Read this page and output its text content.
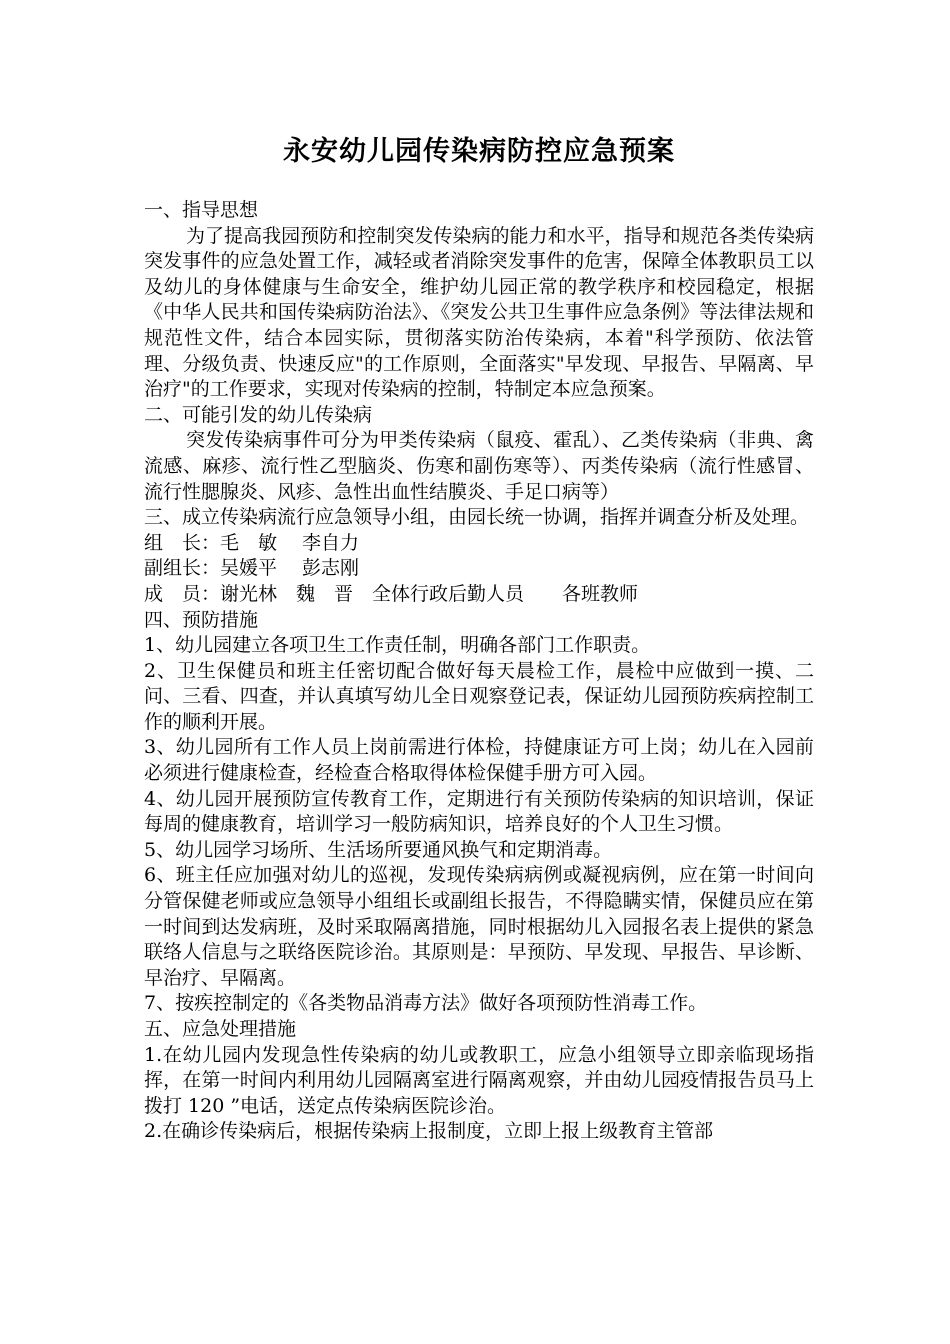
永安幼儿园传染病防控应急预案

一、指导思想

为了提高我园预防和控制突发传染病的能力和水平，指导和规范各类传染病突发事件的应急处置工作，减轻或者消除突发事件的危害，保障全体教职员工以及幼儿的身体健康与生命安全，维护幼儿园正常的教学秩序和校园稳定，根据《中华人民共和国传染病防治法》、《突发公共卫生事件应急条例》等法律法规和规范性文件，结合本园实际，贯彻落实防治传染病，本着"科学预防、依法管理、分级负责、快速反应"的工作原则，全面落实"早发现、早报告、早隔离、早治疗"的工作要求，实现对传染病的控制，特制定本应急预案。

二、可能引发的幼儿传染病

突发传染病事件可分为甲类传染病（鼠疫、霍乱）、乙类传染病（非典、禽流感、麻疹、流行性乙型脑炎、伤寒和副伤寒等）、丙类传染病（流行性感冒、流行性腮腺炎、风疹、急性出血性结膜炎、手足口病等）

三、成立传染病流行应急领导小组，由园长统一协调，指挥并调查分析及处理。

组　长：毛　敏　 李自力

副组长：吴媛平　 彭志刚

成　员：谢光林　魏　晋　全体行政后勤人员　　各班教师

四、预防措施

1、幼儿园建立各项卫生工作责任制，明确各部门工作职责。

2、卫生保健员和班主任密切配合做好每天晨检工作，晨检中应做到一摸、二问、三看、四查，并认真填写幼儿全日观察登记表，保证幼儿园预防疾病控制工作的顺利开展。

3、幼儿园所有工作人员上岗前需进行体检，持健康证方可上岗；幼儿在入园前必须进行健康检查，经检查合格取得体检保健手册方可入园。

4、幼儿园开展预防宣传教育工作，定期进行有关预防传染病的知识培训，保证每周的健康教育，培训学习一般防病知识，培养良好的个人卫生习惯。

5、幼儿园学习场所、生活场所要通风换气和定期消毒。

6、班主任应加强对幼儿的巡视，发现传染病病例或凝视病例，应在第一时间向分管保健老师或应急领导小组组长或副组长报告，不得隐瞒实情，保健员应在第一时间到达发病班，及时采取隔离措施，同时根据幼儿入园报名表上提供的紧急联络人信息与之联络医院诊治。其原则是：早预防、早发现、早报告、早诊断、早治疗、早隔离。

7、按疾控制定的《各类物品消毒方法》做好各项预防性消毒工作。

五、应急处理措施

1.在幼儿园内发现急性传染病的幼儿或教职工，应急小组领导立即亲临现场指挥，在第一时间内利用幼儿园隔离室进行隔离观察，并由幼儿园疫情报告员马上拨打 120 ”电话，送定点传染病医院诊治。

2.在确诊传染病后，根据传染病上报制度，立即上报上级教育主管部
